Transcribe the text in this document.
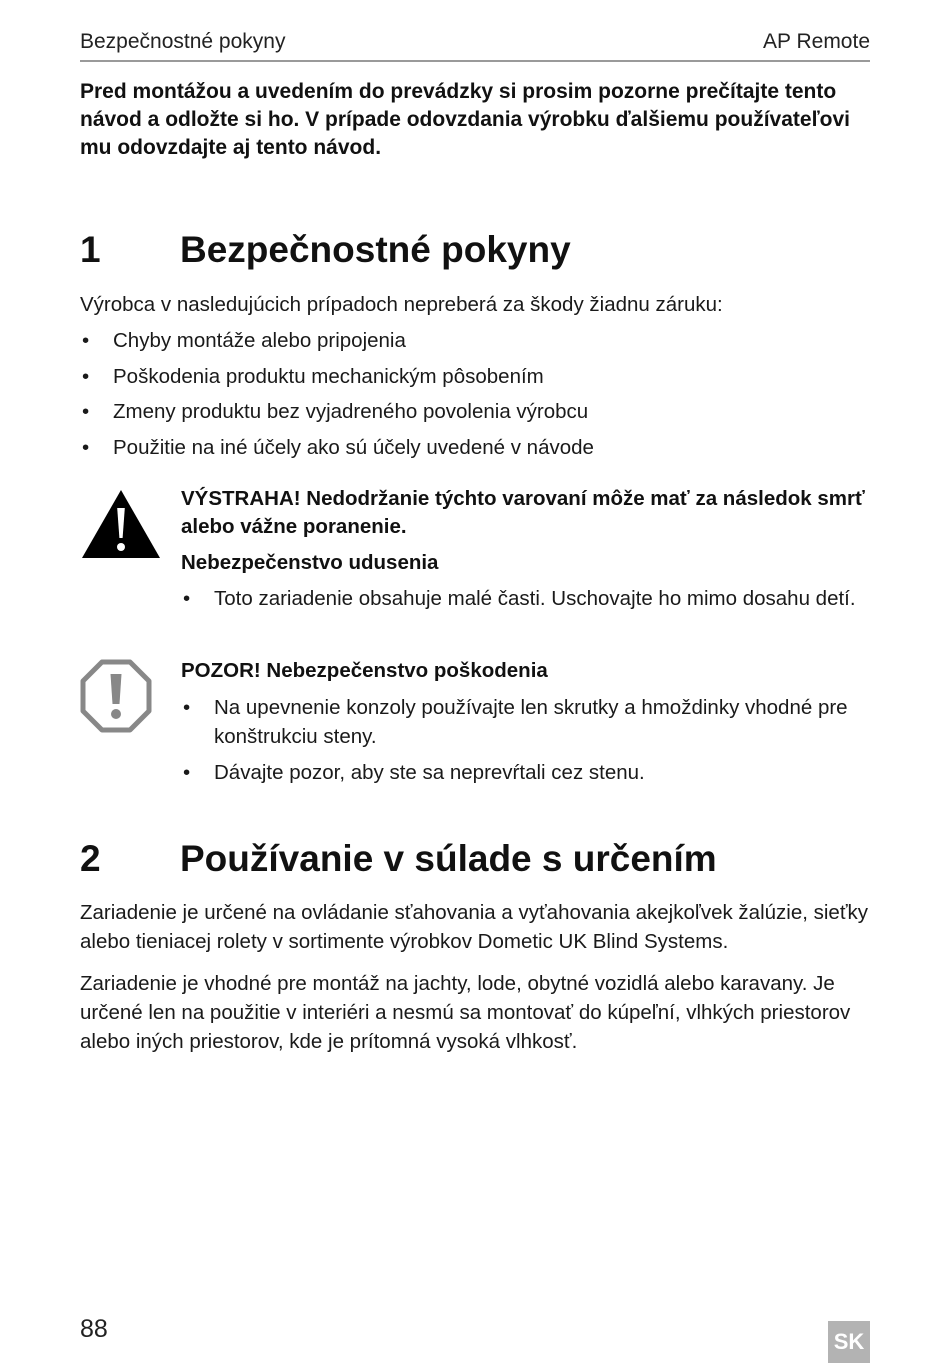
Bezpečnostné pokyny	AP Remote
Pred montážou a uvedením do prevádzky si prosim pozorne prečítajte tento návod a odložte si ho. V prípade odovzdania výrobku ďalšiemu používateľovi mu odovzdajte aj tento návod.
1 Bezpečnostné pokyny
Výrobca v nasledujúcich prípadoch nepreberá za škody žiadnu záruku:
• Chyby montáže alebo pripojenia
• Poškodenia produktu mechanickým pôsobením
• Zmeny produktu bez vyjadreného povolenia výrobcu
• Použitie na iné účely ako sú účely uvedené v návode
VÝSTRAHA! Nedodržanie týchto varovaní môže mať za následok smrť alebo vážne poranenie.
Nebezpečenstvo udusenia
• Toto zariadenie obsahuje malé časti. Uschovajte ho mimo dosahu detí.
POZOR! Nebezpečenstvo poškodenia
• Na upevnenie konzoly používajte len skrutky a hmoždinky vhodné pre konštrukciu steny.
• Dávajte pozor, aby ste sa neprevŕtali cez stenu.
2 Používanie v súlade s určením
Zariadenie je určené na ovládanie sťahovania a vyťahovania akejkoľvek žalúzie, sieťky alebo tieniacej rolety v sortimente výrobkov Dometic UK Blind Systems.
Zariadenie je vhodné pre montáž na jachty, lode, obytné vozidlá alebo karavany. Je určené len na použitie v interiéri a nesmú sa montovať do kúpeľní, vlhkých priestorov alebo iných priestorov, kde je prítomná vysoká vlhkosť.
88	SK
